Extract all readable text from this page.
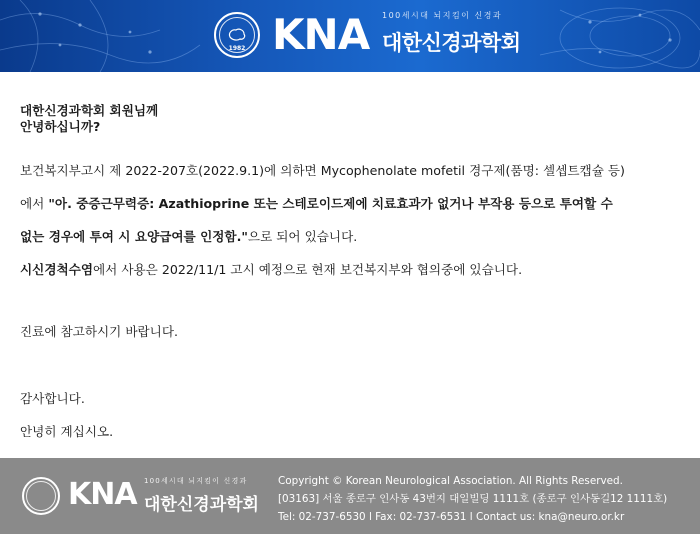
1982 KNA 100세시대 뇌지킴이 신경과
대한신경과학회
대한신경과학회 회원님께
안녕하십니까?
보건복지부고시 제 2022-207호(2022.9.1)에 의하면 Mycophenolate mofetil 경구제(품명: 셀셉트캡슐 등)
에서 "아. 중증근무력증: Azathioprine 또는 스테로이드제에 치료효과가 없거나 부작용 등으로 투여할 수
없는 경우에 투여 시 요양급여를 인정함."으로 되어 있습니다.
시신경척수염에서 사용은 2022/11/1 고시 예정으로 현재 보건복지부와 협의중에 있습니다.
진료에 참고하시기 바랍니다.
감사합니다.
안녕히 계십시오.
KNA 100세시대 뇌지킴이 신경과
대한신경과학회
Copyright © Korean Neurological Association. All Rights Reserved.
[03163] 서울 종로구 인사동 43번지 대일빌딩 1111호 (종로구 인사동길12 1111호)
Tel: 02-737-6530 l Fax: 02-737-6531 l Contact us: kna@neuro.or.kr
